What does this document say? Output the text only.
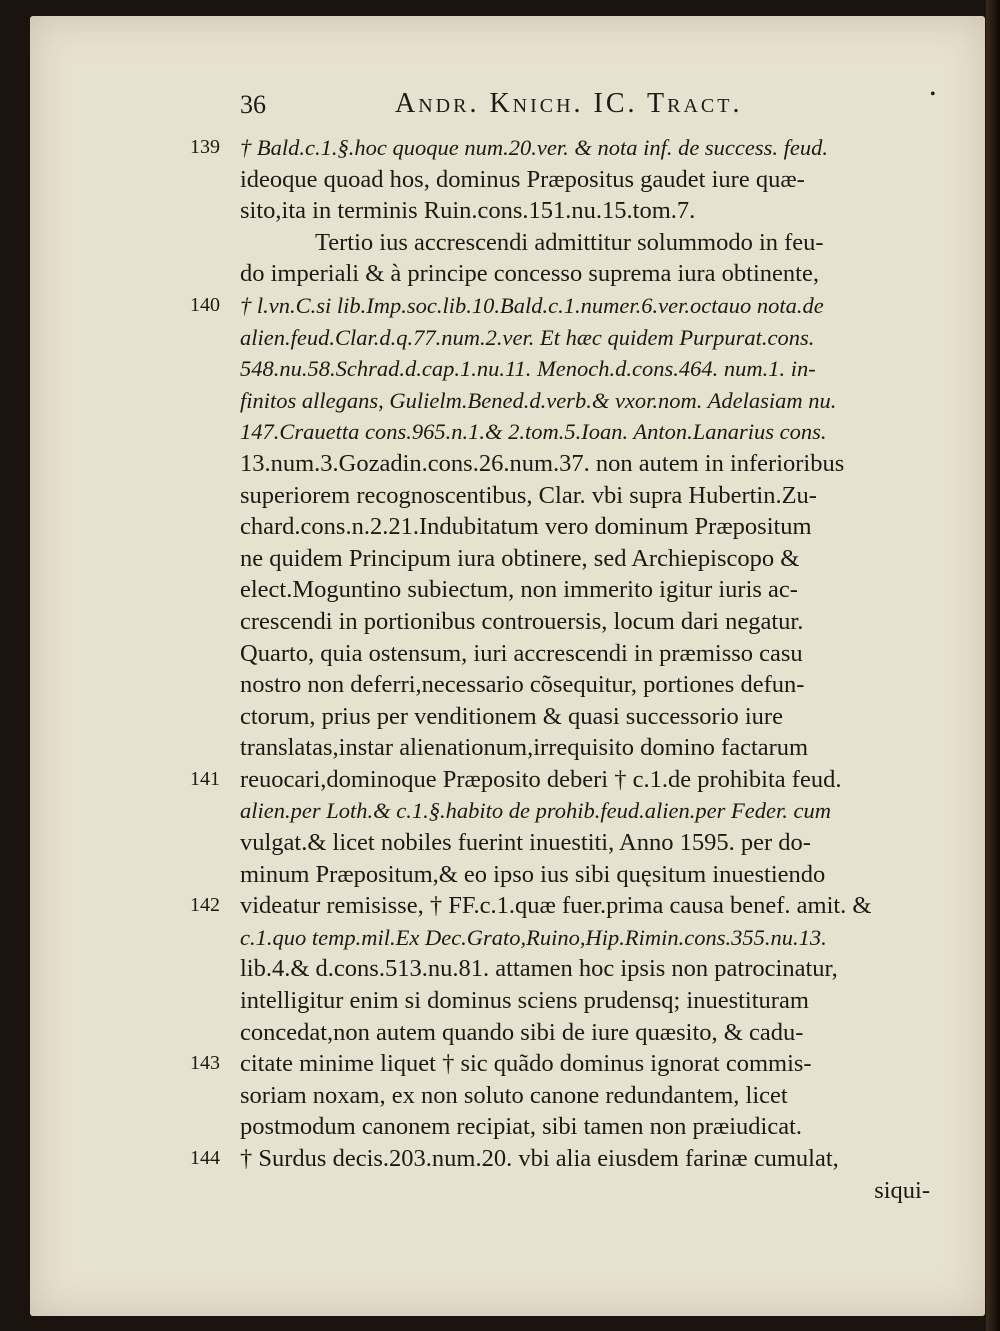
36	Andr. Knich. IC. Tract.	•
139 † Bald.c.1.§.hoc quoque num.20.ver. & nota inf. de success. feud.
ideoque quoad hos, dominus Præpositus gaudet iure quæ-
sito,ita in terminis Ruin.cons.151.nu.15.tom.7.
Tertio ius accrescendi admittitur solummodo in feu-
do imperiali & à principe concesso suprema iura obtinente,
140 † l.vn.C.si lib.Imp.soc.lib.10.Bald.c.1.numer.6.ver.octauo nota.de
alien.feud.Clar.d.q.77.num.2.ver. Et hæc quidem Purpurat.cons.
548.nu.58.Schrad.d.cap.1.nu.11. Menoch.d.cons.464. num.1. in-
finitos allegans, Gulielm.Bened.d.verb.& vxor.nom. Adelasiam nu.
147.Crauetta cons.965.n.1.& 2.tom.5.Ioan. Anton.Lanarius cons.
13.num.3.Gozadin.cons.26.num.37. non autem in inferioribus
superiorem recognoscentibus, Clar. vbi supra Hubertin.Zu-
chard.cons.n.2.21.Indubitatum vero dominum Præpositum
ne quidem Principum iura obtinere, sed Archiepiscopo &
elect.Moguntino subiectum, non immerito igitur iuris ac-
crescendi in portionibus controuersis, locum dari negatur.
Quarto, quia ostensum, iuri accrescendi in præmisso casu
nostro non deferri,necessario cõsequitur, portiones defun-
ctorum, prius per venditionem & quasi successorio iure
translatas,instar alienationum,irrequisito domino factarum
141 reuocari,dominoque Præposito deberi † c.1.de prohibita feud.
alien.per Loth.& c.1.§.habito de prohib.feud.alien.per Feder. cum
vulgat.& licet nobiles fuerint inuestiti, Anno 1595. per do-
minum Præpositum,& eo ipso ius sibi quęsitum inuestiendo
142 videatur remisisse, † FF.c.1.quæ fuer.prima causa benef. amit. &
c.1.quo temp.mil.Ex Dec.Grato,Ruino,Hip.Rimin.cons.355.nu.13.
lib.4.& d.cons.513.nu.81. attamen hoc ipsis non patrocinatur,
intelligitur enim si dominus sciens prudensq; inuestituram
concedat,non autem quando sibi de iure quæsito, & cadu-
143 citate minime liquet † sic quãdo dominus ignorat commis-
soriam noxam, ex non soluto canone redundantem, licet
postmodum canonem recipiat, sibi tamen non præiudicat.
144 † Surdus decis.203.num.20. vbi alia eiusdem farinæ cumulat,
siqui-
